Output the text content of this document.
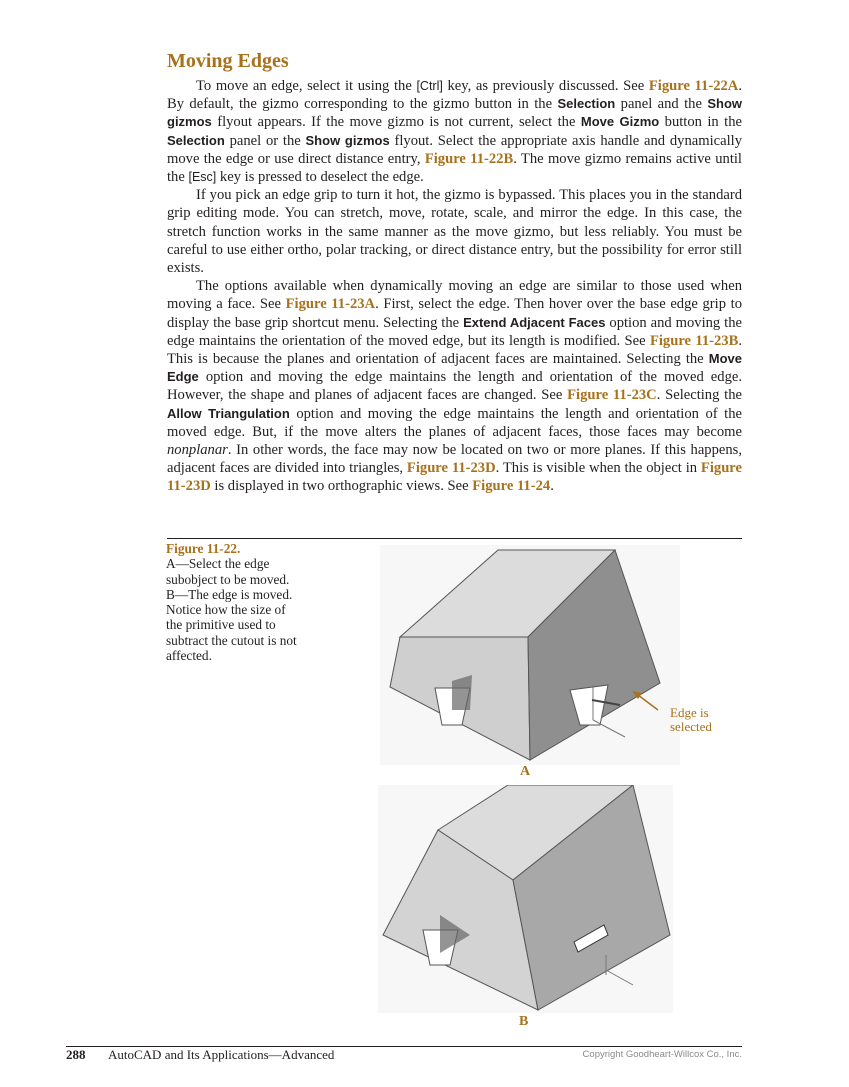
Moving Edges

To move an edge, select it using the [Ctrl] key, as previously discussed. See Figure 11-22A. By default, the gizmo corresponding to the gizmo button in the Selection panel and the Show gizmos flyout appears. If the move gizmo is not current, select the Move Gizmo button in the Selection panel or the Show gizmos flyout. Select the appropriate axis handle and dynamically move the edge or use direct distance entry, Figure 11-22B. The move gizmo remains active until the [Esc] key is pressed to deselect the edge.

If you pick an edge grip to turn it hot, the gizmo is bypassed. This places you in the standard grip editing mode. You can stretch, move, rotate, scale, and mirror the edge. In this case, the stretch function works in the same manner as the move gizmo, but less reliably. You must be careful to use either ortho, polar tracking, or direct distance entry, but the possibility for error still exists.

The options available when dynamically moving an edge are similar to those used when moving a face. See Figure 11-23A. First, select the edge. Then hover over the base edge grip to display the base grip shortcut menu. Selecting the Extend Adjacent Faces option and moving the edge maintains the orientation of the moved edge, but its length is modified. See Figure 11-23B. This is because the planes and orientation of adjacent faces are maintained. Selecting the Move Edge option and moving the edge maintains the length and orientation of the moved edge. However, the shape and planes of adjacent faces are changed. See Figure 11-23C. Selecting the Allow Triangulation option and moving the edge maintains the length and orientation of the moved edge. But, if the move alters the planes of adjacent faces, those faces may become nonplanar. In other words, the face may now be located on two or more planes. If this happens, adjacent faces are divided into triangles, Figure 11-23D. This is visible when the object in Figure 11-23D is displayed in two orthographic views. See Figure 11-24.

Figure 11-22.
A—Select the edge subobject to be moved. B—The edge is moved. Notice how the size of the primitive used to subtract the cutout is not affected.
A
Edge is selected
B
288 AutoCAD and Its Applications—Advanced	Copyright Goodheart-Willcox Co., Inc.
